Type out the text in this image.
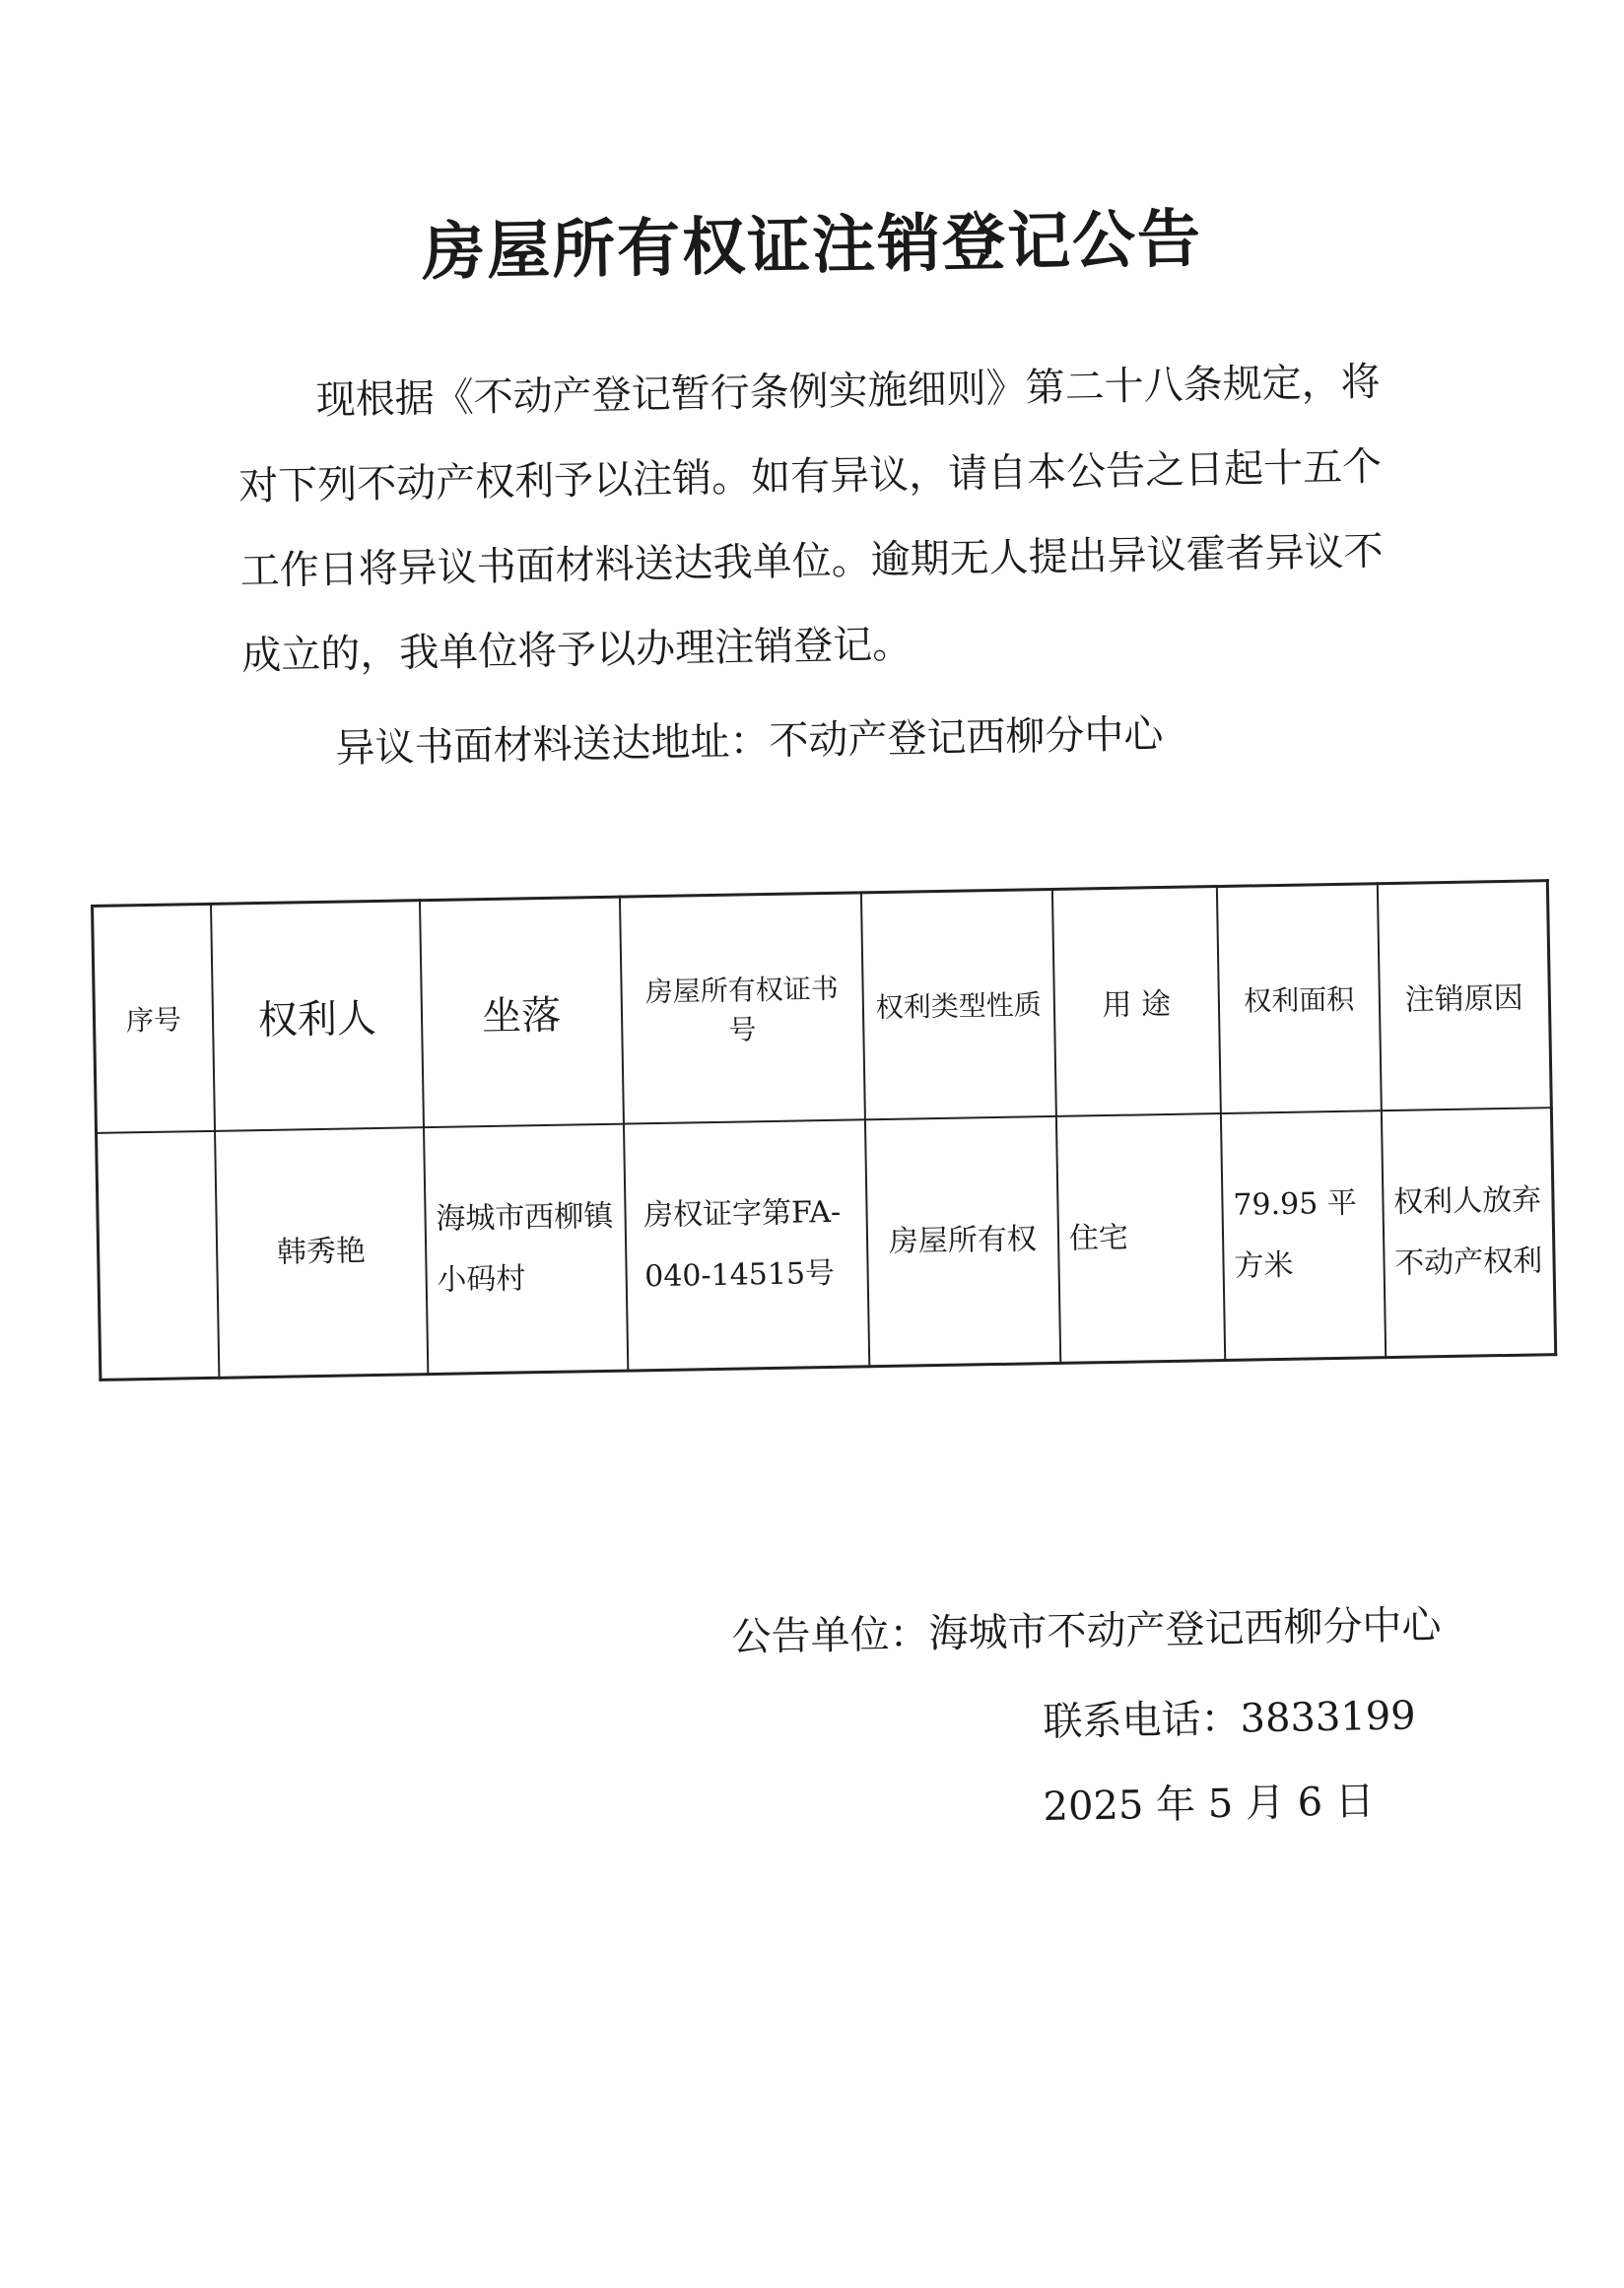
房屋所有权证注销登记公告

现根据《不动产登记暂行条例实施细则》第二十八条规定，将对下列不动产权利予以注销。如有异议，请自本公告之日起十五个工作日将异议书面材料送达我单位。逾期无人提出异议霍者异议不成立的，我单位将予以办理注销登记。

异议书面材料送达地址：不动产登记西柳分中心
序号	权利人	坐落	房屋所有权证书号	权利类型性质	用 途	权利面积	注销原因
	韩秀艳	海城市西柳镇小码村	房权证字第FA-040-14515号	房屋所有权	住宅	79.95 平方米	权利人放弃不动产权利
公告单位：海城市不动产登记西柳分中心
联系电话：3833199
2025 年 5 月 6 日
